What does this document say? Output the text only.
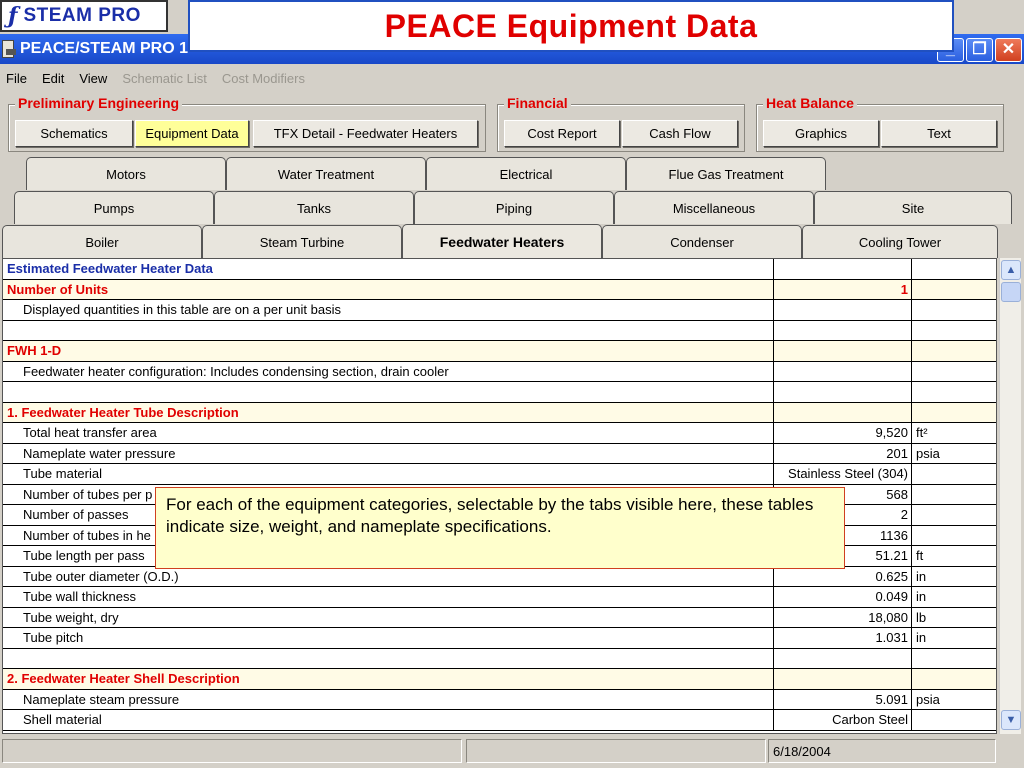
ƒ STEAM PRO
PEACE/STEAM PRO 1	❐ ✕
PEACE Equipment Data
File Edit View Schematic List Cost Modifiers
Preliminary Engineering
Schematics	Equipment Data	TFX Detail - Feedwater Heaters
Financial
Cost Report	Cash Flow
Heat Balance
Graphics	Text
Motors	Water Treatment	Electrical	Flue Gas Treatment
Pumps	Tanks	Piping	Miscellaneous	Site
Boiler	Steam Turbine	Feedwater Heaters	Condenser	Cooling Tower
Estimated Feedwater Heater Data
Number of Units	1
Displayed quantities in this table are on a per unit basis
FWH 1-D
Feedwater heater configuration: Includes condensing section, drain cooler
1. Feedwater Heater Tube Description
Total heat transfer area	9,520 ft²
Nameplate water pressure	201 psia
Tube material	Stainless Steel (304)
Number of tubes per p	568
Number of passes	2
Number of tubes in he	1136
Tube length per pass	51.21 ft
Tube outer diameter (O.D.)	0.625 in
Tube wall thickness	0.049 in
Tube weight, dry	18,080 lb
Tube pitch	1.031 in
2. Feedwater Heater Shell Description
Nameplate steam pressure	5.091 psia
Shell material	Carbon Steel
▲
▼
6/18/2004
For each of the equipment categories, selectable by the tabs visible here, these tables indicate size, weight, and nameplate specifications.
